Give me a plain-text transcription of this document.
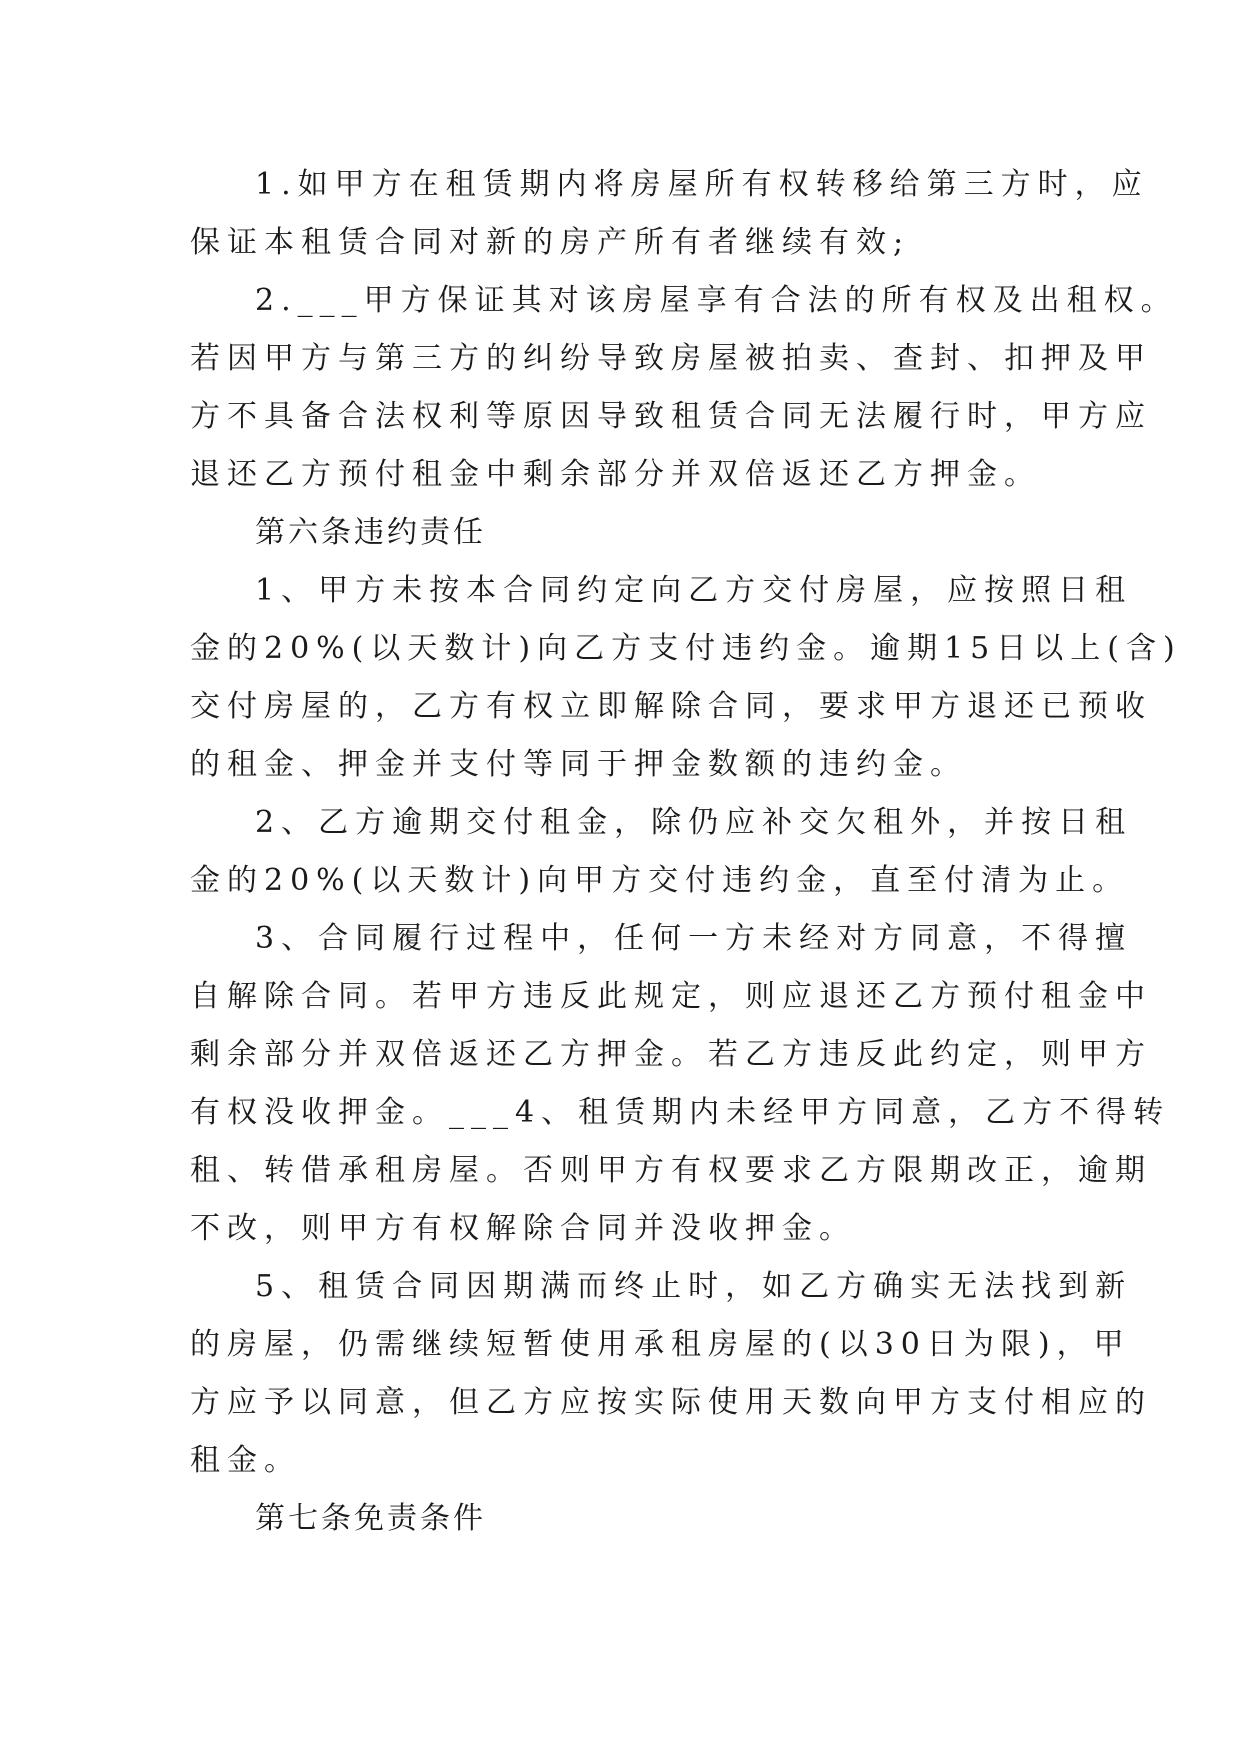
1.如甲方在租赁期内将房屋所有权转移给第三方时，应
保证本租赁合同对新的房产所有者继续有效;
2.___甲方保证其对该房屋享有合法的所有权及出租权。
若因甲方与第三方的纠纷导致房屋被拍卖、查封、扣押及甲
方不具备合法权利等原因导致租赁合同无法履行时，甲方应
退还乙方预付租金中剩余部分并双倍返还乙方押金。
第六条违约责任
1、甲方未按本合同约定向乙方交付房屋，应按照日租
金的20%(以天数计)向乙方支付违约金。逾期15日以上(含)
交付房屋的，乙方有权立即解除合同，要求甲方退还已预收
的租金、押金并支付等同于押金数额的违约金。
2、乙方逾期交付租金，除仍应补交欠租外，并按日租
金的20%(以天数计)向甲方交付违约金，直至付清为止。
3、合同履行过程中，任何一方未经对方同意，不得擅
自解除合同。若甲方违反此规定，则应退还乙方预付租金中
剩余部分并双倍返还乙方押金。若乙方违反此约定，则甲方
有权没收押金。___4、租赁期内未经甲方同意，乙方不得转
租、转借承租房屋。否则甲方有权要求乙方限期改正，逾期
不改，则甲方有权解除合同并没收押金。
5、租赁合同因期满而终止时，如乙方确实无法找到新
的房屋，仍需继续短暂使用承租房屋的(以30日为限)，甲
方应予以同意，但乙方应按实际使用天数向甲方支付相应的
租金。
第七条免责条件
